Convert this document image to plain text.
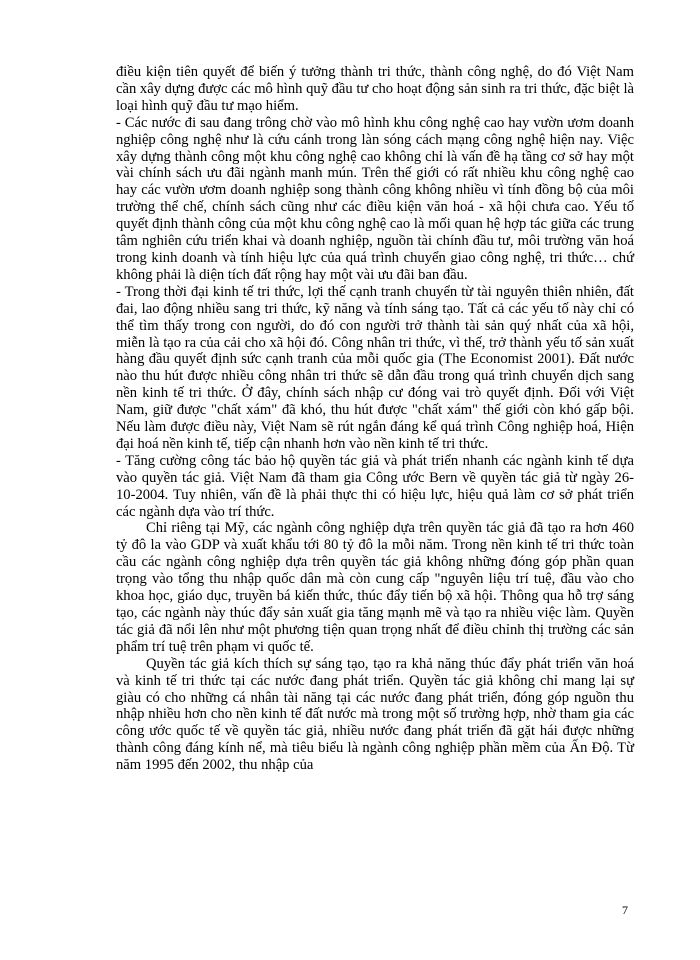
điều kiện tiên quyết để biến ý tưởng thành tri thức, thành công nghệ, do đó Việt Nam cần xây dựng được các mô hình quỹ đầu tư cho hoạt động sản sinh ra tri thức, đặc biệt là loại hình quỹ đầu tư mạo hiểm.

- Các nước đi sau đang trông chờ vào mô hình khu công nghệ cao hay vườn ươm doanh nghiệp công nghệ như là cứu cánh trong làn sóng cách mạng công nghệ hiện nay. Việc xây dựng thành công một khu công nghệ cao không chỉ là vấn đề hạ tầng cơ sở hay một vài chính sách ưu đãi ngành manh mún. Trên thế giới có rất nhiều khu công nghệ cao hay các vườn ươm doanh nghiệp song thành công không nhiều vì tính đồng bộ của môi trường thể chế, chính sách cũng như các điều kiện văn hoá - xã hội chưa cao. Yếu tố quyết định thành công của một khu công nghệ cao là mối quan hệ hợp tác giữa các trung tâm nghiên cứu triển khai và doanh nghiệp, nguồn tài chính đầu tư, môi trường văn hoá trong kinh doanh và tính hiệu lực của quá trình chuyển giao công nghệ, tri thức… chứ không phải là diện tích đất rộng hay một vài ưu đãi ban đầu.

- Trong thời đại kinh tế tri thức, lợi thế cạnh tranh chuyển từ tài nguyên thiên nhiên, đất đai, lao động nhiều sang tri thức, kỹ năng và tính sáng tạo. Tất cả các yếu tố này chỉ có thể tìm thấy trong con người, do đó con người trở thành tài sản quý nhất của xã hội, miễn là tạo ra của cải cho xã hội đó. Công nhân tri thức, vì thế, trở thành yếu tố sản xuất hàng đầu quyết định sức cạnh tranh của mỗi quốc gia (The Economist 2001). Đất nước nào thu hút được nhiều công nhân tri thức sẽ dẫn đầu trong quá trình chuyển dịch sang nền kinh tế tri thức. Ở đây, chính sách nhập cư đóng vai trò quyết định. Đối với Việt Nam, giữ được "chất xám" đã khó, thu hút được "chất xám" thế giới còn khó gấp bội. Nếu làm được điều này, Việt Nam sẽ rút ngắn đáng kể quá trình Công nghiệp hoá, Hiện đại hoá nền kinh tế, tiếp cận nhanh hơn vào nền kinh tế tri thức.

- Tăng cường công tác bảo hộ quyền tác giả và phát triển nhanh các ngành kinh tế dựa vào quyền tác giả. Việt Nam đã tham gia Công ước Bern về quyền tác giả từ ngày 26-10-2004. Tuy nhiên, vấn đề là phải thực thi có hiệu lực, hiệu quả làm cơ sở phát triển các ngành dựa vào trí thức.

Chỉ riêng tại Mỹ, các ngành công nghiệp dựa trên quyền tác giả đã tạo ra hơn 460 tỷ đô la vào GDP và xuất khẩu tới 80 tỷ đô la mỗi năm. Trong nền kinh tế tri thức toàn cầu các ngành công nghiệp dựa trên quyền tác giả không những đóng góp phần quan trọng vào tổng thu nhập quốc dân mà còn cung cấp "nguyên liệu trí tuệ, đầu vào cho khoa học, giáo dục, truyền bá kiến thức, thúc đẩy tiến bộ xã hội. Thông qua hỗ trợ sáng tạo, các ngành này thúc đẩy sản xuất gia tăng mạnh mẽ và tạo ra nhiều việc làm. Quyền tác giả đã nổi lên như một phương tiện quan trọng nhất để điều chỉnh thị trường các sản phẩm trí tuệ trên phạm vi quốc tế.

Quyền tác giả kích thích sự sáng tạo, tạo ra khả năng thúc đẩy phát triển văn hoá và kinh tế tri thức tại các nước đang phát triển. Quyền tác giả không chỉ mang lại sự giàu có cho những cá nhân tài năng tại các nước đang phát triển, đóng góp nguồn thu nhập nhiều hơn cho nền kinh tế đất nước mà trong một số trường hợp, nhờ tham gia các công ước quốc tế về quyền tác giả, nhiều nước đang phát triển đã gặt hái được những thành công đáng kính nể, mà tiêu biểu là ngành công nghiệp phần mềm của Ấn Độ. Từ năm 1995 đến 2002, thu nhập của

7
